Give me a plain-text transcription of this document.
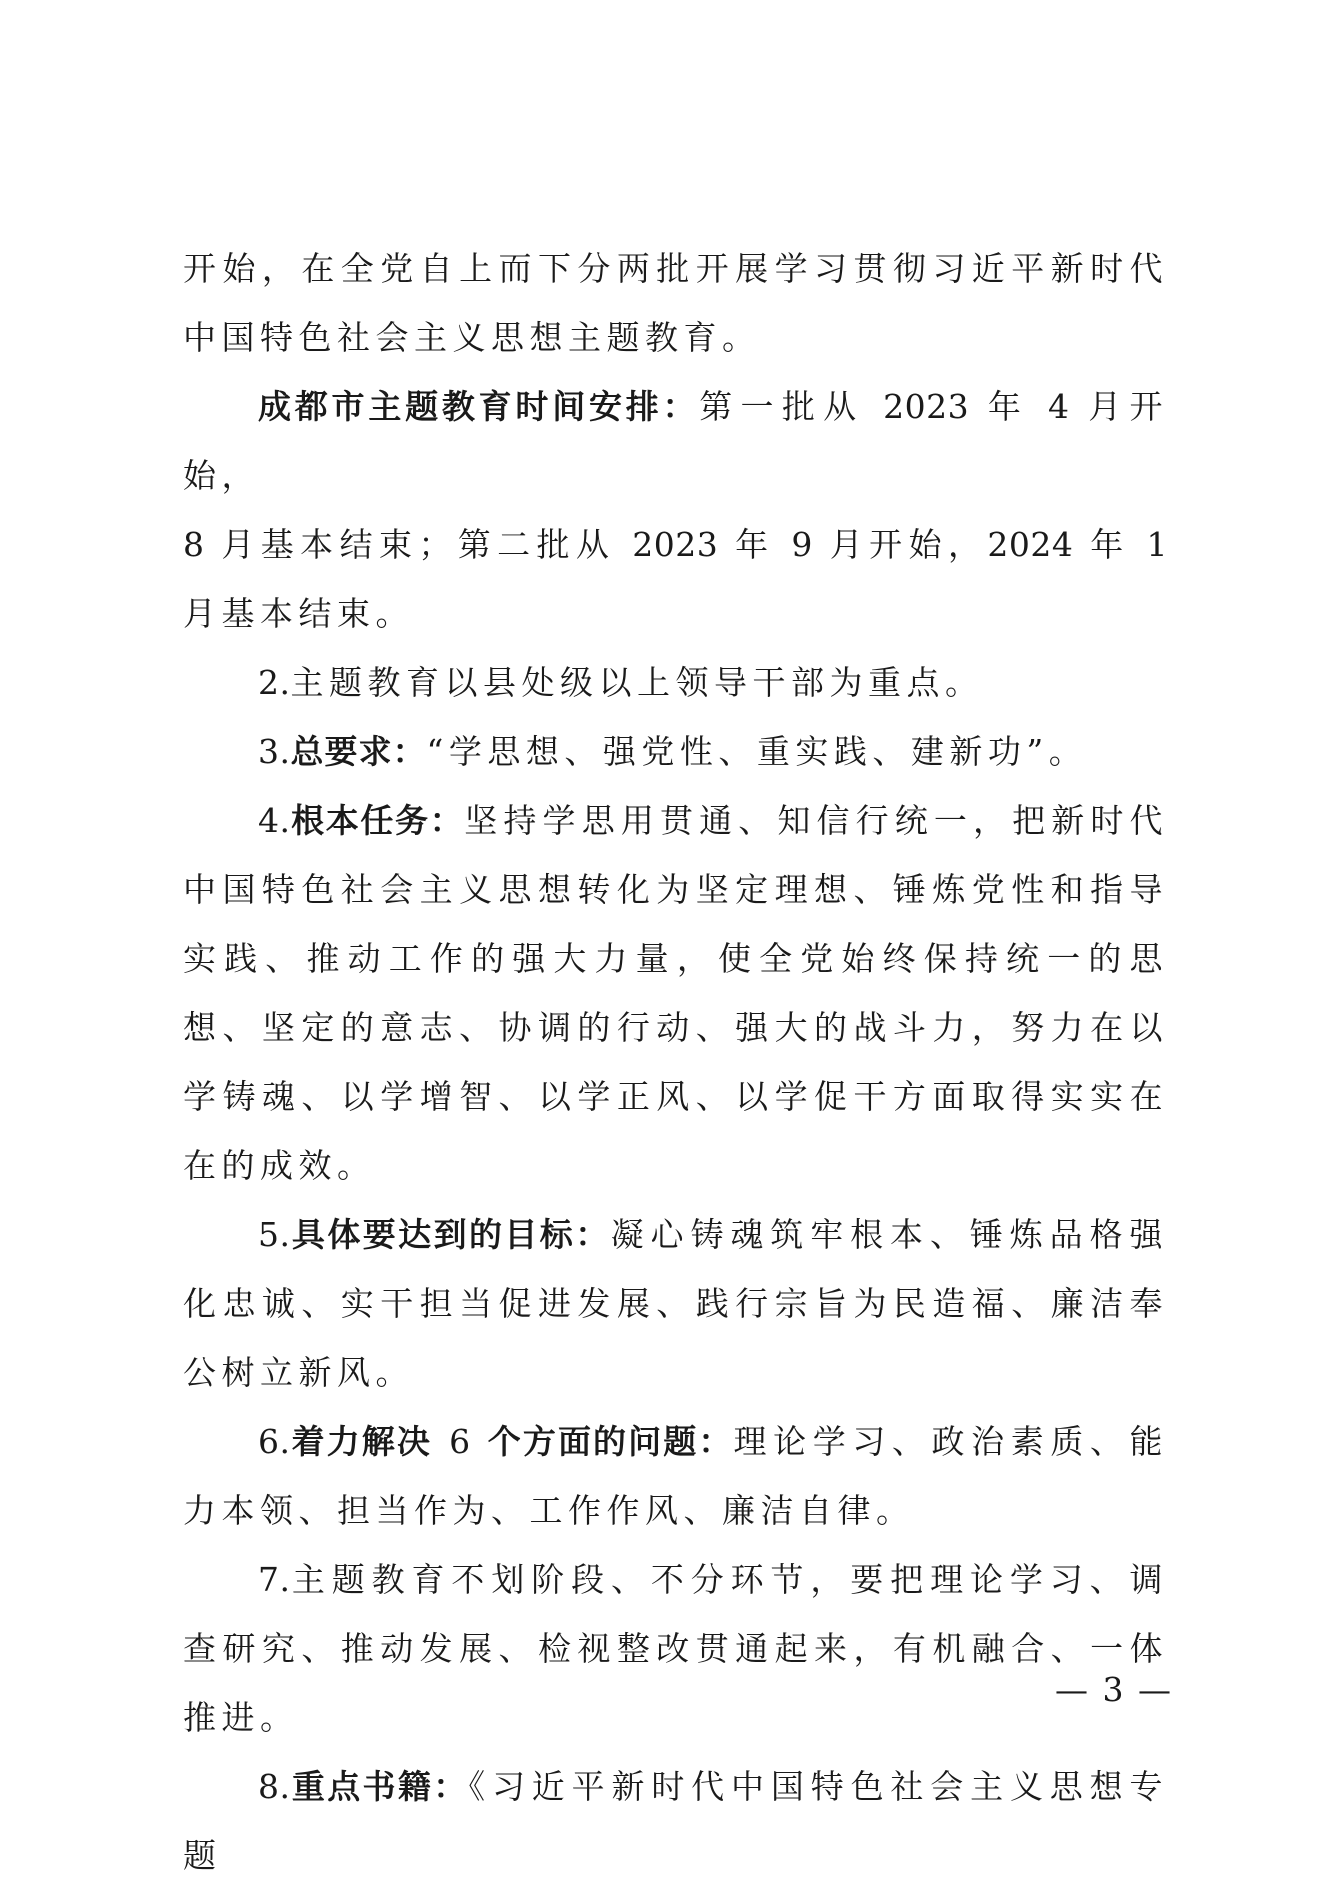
开始，在全党自上而下分两批开展学习贯彻习近平新时代中国特色社会主义思想主题教育。

成都市主题教育时间安排：第一批从 2023 年 4 月开始，
8 月基本结束；第二批从 2023 年 9 月开始，2024 年 1 月基本结束。

2.主题教育以县处级以上领导干部为重点。

3.总要求：“学思想、强党性、重实践、建新功”。

4.根本任务：坚持学思用贯通、知信行统一，把新时代中国特色社会主义思想转化为坚定理想、锤炼党性和指导实践、推动工作的强大力量，使全党始终保持统一的思想、坚定的意志、协调的行动、强大的战斗力，努力在以学铸魂、以学增智、以学正风、以学促干方面取得实实在在的成效。

5.具体要达到的目标：凝心铸魂筑牢根本、锤炼品格强化忠诚、实干担当促进发展、践行宗旨为民造福、廉洁奉公树立新风。

6.着力解决 6 个方面的问题：理论学习、政治素质、能力本领、担当作为、工作作风、廉洁自律。

7.主题教育不划阶段、不分环节，要把理论学习、调查研究、推动发展、检视整改贯通起来，有机融合、一体推进。

8.重点书籍：《习近平新时代中国特色社会主义思想专题

— 3 —
